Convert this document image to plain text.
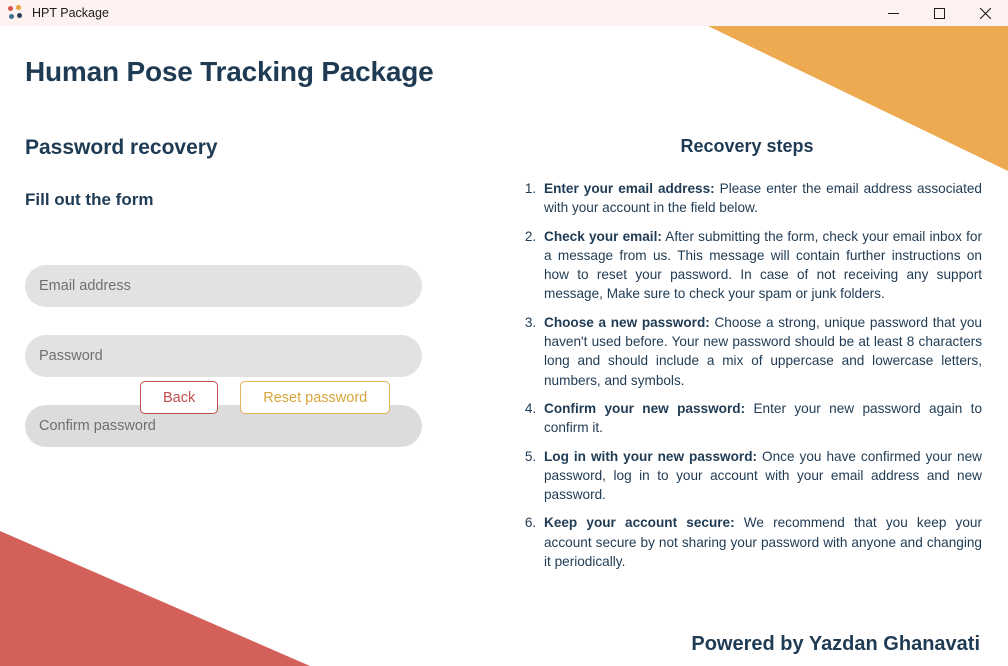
HPT Package
Human Pose Tracking Package
Password recovery
Fill out the form
Email address
Back	Reset password
Recovery steps
1. Enter your email address: Please enter the email address associated with your account in the field below.
2. Check your email: After submitting the form, check your email inbox for a message from us. This message will contain further instructions on how to reset your password. In case of not receiving any support message, Make sure to check your spam or junk folders.
3. Choose a new password: Choose a strong, unique password that you haven't used before. Your new password should be at least 8 characters long and should include a mix of uppercase and lowercase letters, numbers, and symbols.
4. Confirm your new password: Enter your new password again to confirm it.
5. Log in with your new password: Once you have confirmed your new password, log in to your account with your email address and new password.
6. Keep your account secure: We recommend that you keep your account secure by not sharing your password with anyone and changing it periodically.
Powered by Yazdan Ghanavati
